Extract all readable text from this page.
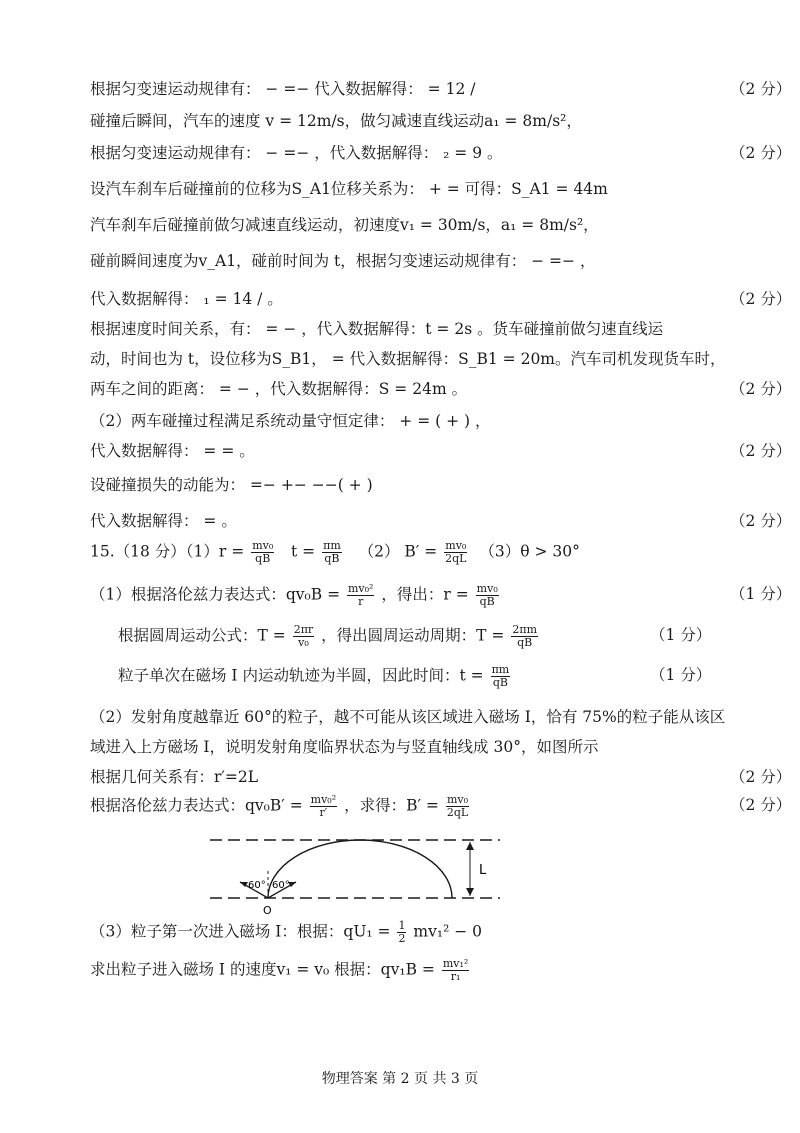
根据匀变速运动规律有： − =− 代入数据解得： = 12 /	（2 分）
碰撞后瞬间，汽车的速度 v = 12m/s，做匀减速直线运动a₁ = 8m/s²，
根据匀变速运动规律有： − =− ，代入数据解得： ₂ = 9 。	（2 分）
设汽车刹车后碰撞前的位移为S_A1位移关系为： + = 可得：S_A1 = 44m
汽车刹车后碰撞前做匀减速直线运动，初速度v₁ = 30m/s，a₁ = 8m/s²，
碰前瞬间速度为v_A1，碰前时间为 t，根据匀变速运动规律有： − =− ，
代入数据解得： ₁ = 14 / 。	（2 分）
根据速度时间关系，有： = − ，代入数据解得：t = 2s 。货车碰撞前做匀速直线运
动，时间也为 t，设位移为S_B1， = 代入数据解得：S_B1 = 20m。汽车司机发现货车时，
两车之间的距离： = − ，代入数据解得：S = 24m 。	（2 分）
（2）两车碰撞过程满足系统动量守恒定律： + = ( + ) ，
代入数据解得： = = 。	（2 分）
设碰撞损失的动能为： =− +− −−( + )
代入数据解得： = 。	（2 分）
15.（18 分）$(1)r = \frac{\text{mv₀}}{qB}$ $t = \frac{\pi m}{qB} (2) B' = \frac{\text{mv₀}}{2qL} (3)\theta > 30^\circ$
（1）根据洛伦兹力表达式：$qv_0B = \frac{\text{mv₀²}}{r}$ ，得出：$r = \frac{\text{mv₀}}{qB}$	（1 分）
根据圆周运动公式：$T = \frac{2\pi r}{\text{v₀}}$ ，得出圆周运动周期：$T = \frac{2\pi m}{qB}$	（1 分）
粒子单次在磁场 I 内运动轨迹为半圆，因此时间：$t = \frac{\pi m}{qB}$	（1 分）
（2）发射角度越靠近 60°的粒子，越不可能从该区域进入磁场 I，恰有 75%的粒子能从该区
域进入上方磁场 I，说明发射角度临界状态为与竖直轴线成 30°，如图所示
根据几何关系有：r′=2L	（2 分）
根据洛伦兹力表达式：$qv_0B' = \frac{\text{mv₀²}}{r'}$ ，求得：$B' = \frac{\text{mv₀}}{2qL}$	（2 分）
60° 60°
O
L
（3）粒子第一次进入磁场 I：根据：$qU_1 = \frac{1}{2} mv_1^2 - 0$
求出粒子进入磁场 I 的速度v₁ = v₀ 根据：$qv_1B = \frac{\text{mv₁²}}{\text{r₁}}$
物理答案 第 2 页 共 3 页
